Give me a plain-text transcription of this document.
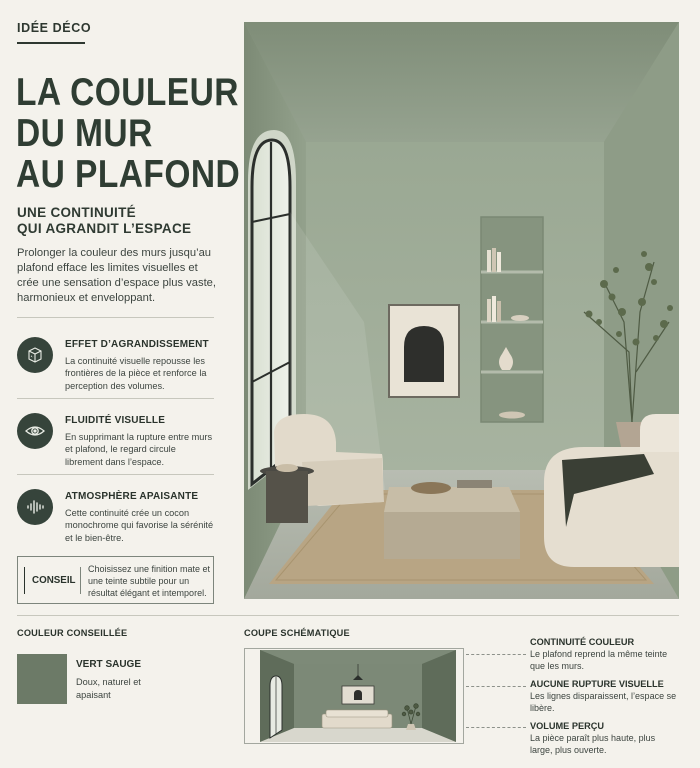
IDÉE DÉCO
LA COULEUR
DU MUR
AU PLAFOND
UNE CONTINUITÉ
QUI AGRANDIT L’ESPACE
Prolonger la couleur des murs jusqu’au plafond efface les limites visuelles et crée une sensation d’espace plus vaste, harmonieux et enveloppant.
EFFET D’AGRANDISSEMENT
La continuité visuelle repousse les frontières de la pièce et renforce la perception des volumes.
FLUIDITÉ VISUELLE
En supprimant la rupture entre murs et plafond, le regard circule librement dans l’espace.
ATMOSPHÈRE APAISANTE
Cette continuité crée un cocon monochrome qui favorise la sérénité et le bien-être.
CONSEIL
Choisissez une finition mate et une teinte subtile pour un résultat élégant et intemporel.
COULEUR CONSEILLÉE
VERT SAUGE
Doux, naturel et apaisant
COUPE SCHÉMATIQUE
CONTINUITÉ COULEUR
Le plafond reprend la même teinte que les murs.
AUCUNE RUPTURE VISUELLE
Les lignes disparaissent, l’espace se libère.
VOLUME PERÇU
La pièce paraît plus haute, plus large, plus ouverte.
